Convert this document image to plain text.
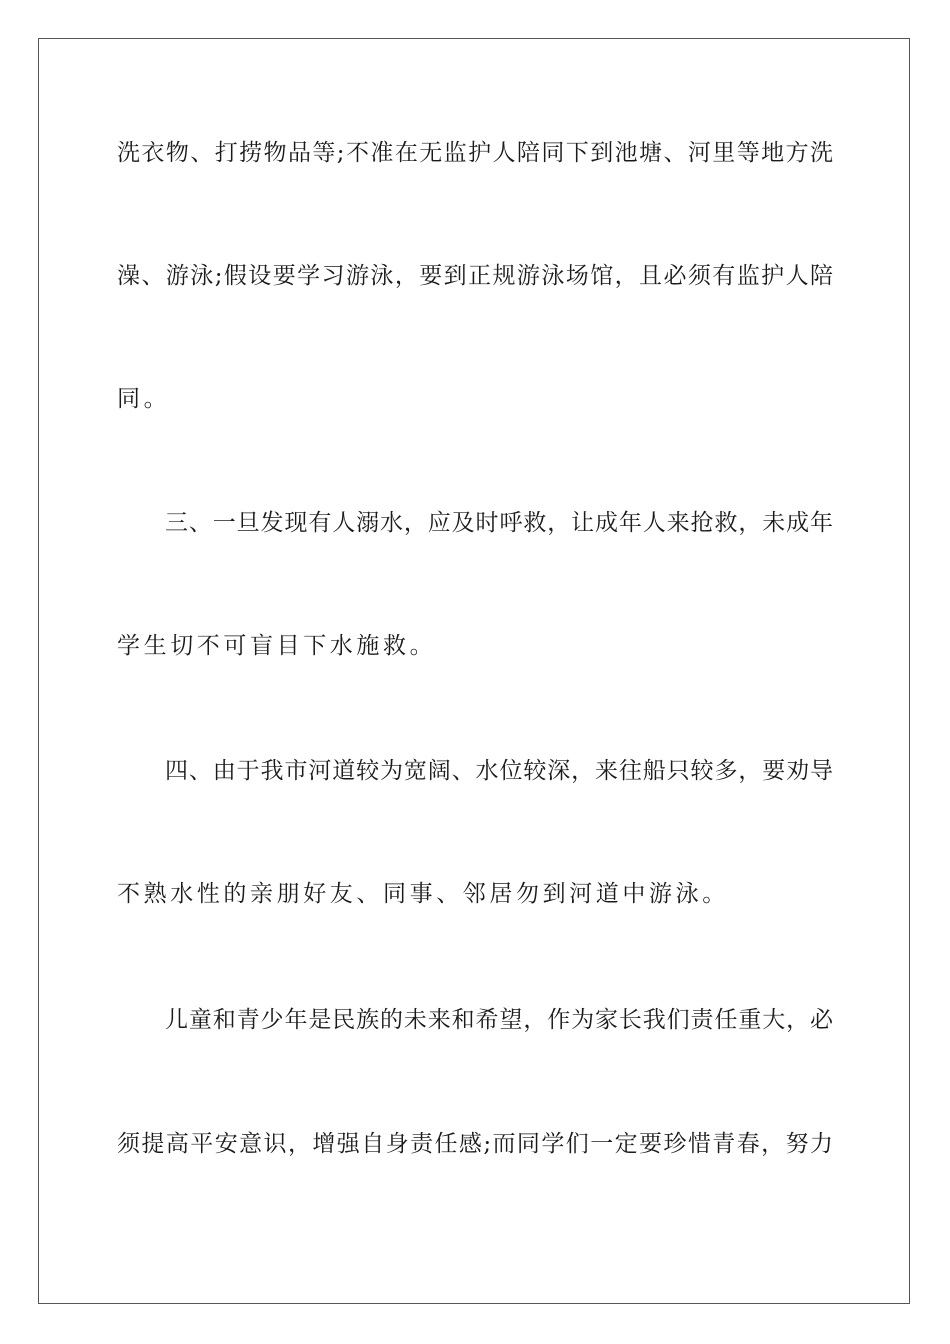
洗衣物、打捞物品等;不准在无监护人陪同下到池塘、河里等地方洗
澡、游泳;假设要学习游泳，要到正规游泳场馆，且必须有监护人陪
同。
三、一旦发现有人溺水，应及时呼救，让成年人来抢救，未成年
学生切不可盲目下水施救。
四、由于我市河道较为宽阔、水位较深，来往船只较多，要劝导
不熟水性的亲朋好友、同事、邻居勿到河道中游泳。
儿童和青少年是民族的未来和希望，作为家长我们责任重大，必
须提高平安意识，增强自身责任感;而同学们一定要珍惜青春，努力
